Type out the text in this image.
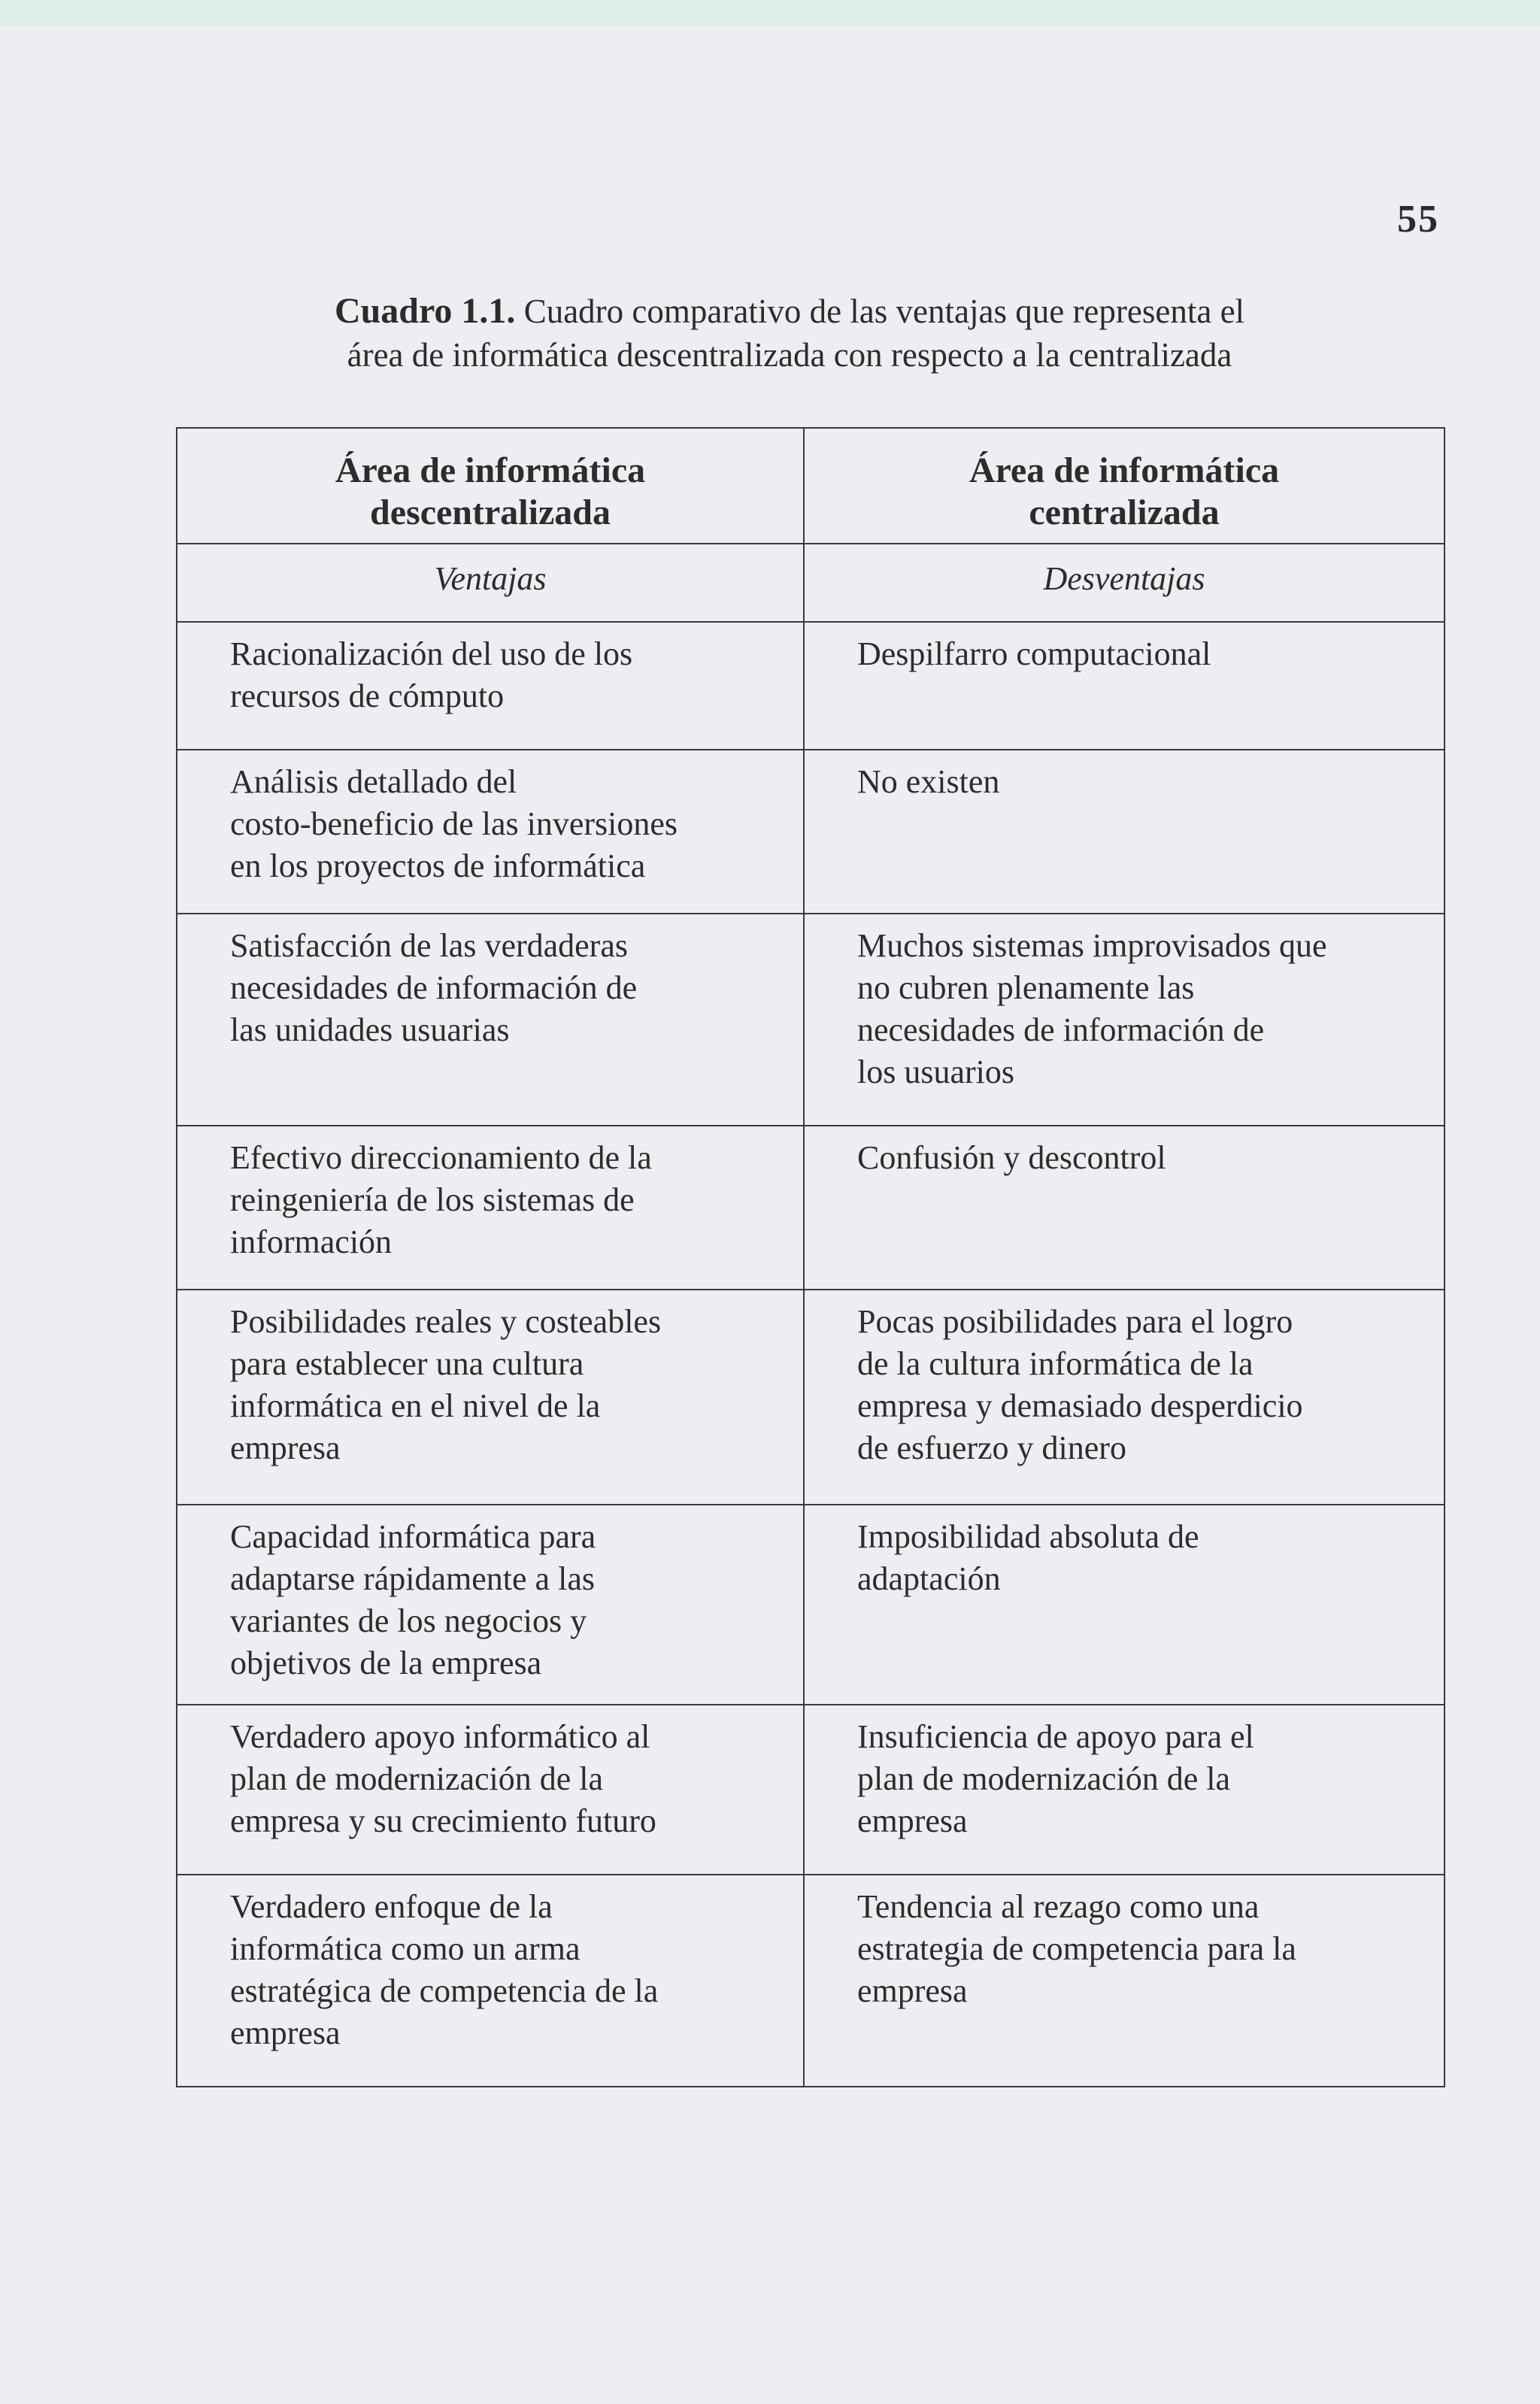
55
Cuadro 1.1. Cuadro comparativo de las ventajas que representa el
área de informática descentralizada con respecto a la centralizada
Área de informática
descentralizada	Área de informática
centralizada

Ventajas	Desventajas

Racionalización del uso de los
recursos de cómputo	Despilfarro computacional

Análisis detallado del
costo-beneficio de las inversiones
en los proyectos de informática	No existen

Satisfacción de las verdaderas
necesidades de información de
las unidades usuarias	Muchos sistemas improvisados que
no cubren plenamente las
necesidades de información de
los usuarios

Efectivo direccionamiento de la
reingeniería de los sistemas de
información	Confusión y descontrol

Posibilidades reales y costeables
para establecer una cultura
informática en el nivel de la
empresa	Pocas posibilidades para el logro
de la cultura informática de la
empresa y demasiado desperdicio
de esfuerzo y dinero

Capacidad informática para
adaptarse rápidamente a las
variantes de los negocios y
objetivos de la empresa	Imposibilidad absoluta de
adaptación

Verdadero apoyo informático al
plan de modernización de la
empresa y su crecimiento futuro	Insuficiencia de apoyo para el
plan de modernización de la
empresa

Verdadero enfoque de la
informática como un arma
estratégica de competencia de la
empresa	Tendencia al rezago como una
estrategia de competencia para la
empresa
